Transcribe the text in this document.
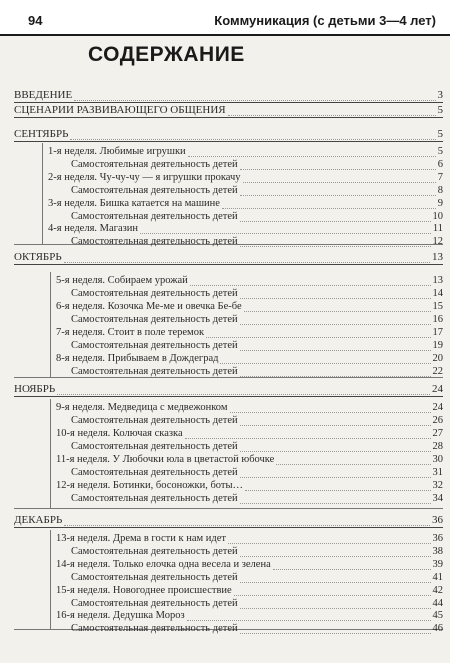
94	Коммуникация (с детьми 3—4 лет)
СОДЕРЖАНИЕ
ВВЕДЕНИЕ	3
СЦЕНАРИИ РАЗВИВАЮЩЕГО ОБЩЕНИЯ	5
СЕНТЯБРЬ	5
1-я неделя. Любимые игрушки	5
Самостоятельная деятельность детей	6
2-я неделя. Чу-чу-чу — я игрушки прокачу	7
Самостоятельная деятельность детей	8
3-я неделя. Бишка катается на машине	9
Самостоятельная деятельность детей	10
4-я неделя. Магазин	11
Самостоятельная деятельность детей	12
ОКТЯБРЬ	13
5-я неделя. Собираем урожай	13
Самостоятельная деятельность детей	14
6-я неделя. Козочка Ме-ме и овечка Бе-бе	15
Самостоятельная деятельность детей	16
7-я неделя. Стоит в поле теремок	17
Самостоятельная деятельность детей	19
8-я неделя. Прибываем в Дождеград	20
Самостоятельная деятельность детей	22
НОЯБРЬ	24
9-я неделя. Медведица с медвежонком	24
Самостоятельная деятельность детей	26
10-я неделя. Колючая сказка	27
Самостоятельная деятельность детей	28
11-я неделя. У Любочки юла в цветастой юбочке	30
Самостоятельная деятельность детей	31
12-я неделя. Ботинки, босоножки, боты…	32
Самостоятельная деятельность детей	34
ДЕКАБРЬ	36
13-я неделя. Дрема в гости к нам идет	36
Самостоятельная деятельность детей	38
14-я неделя. Только елочка одна весела и зелена	39
Самостоятельная деятельность детей	41
15-я неделя. Новогоднее происшествие	42
Самостоятельная деятельность детей	44
16-я неделя. Дедушка Мороз	45
Самостоятельная деятельность детей	46
